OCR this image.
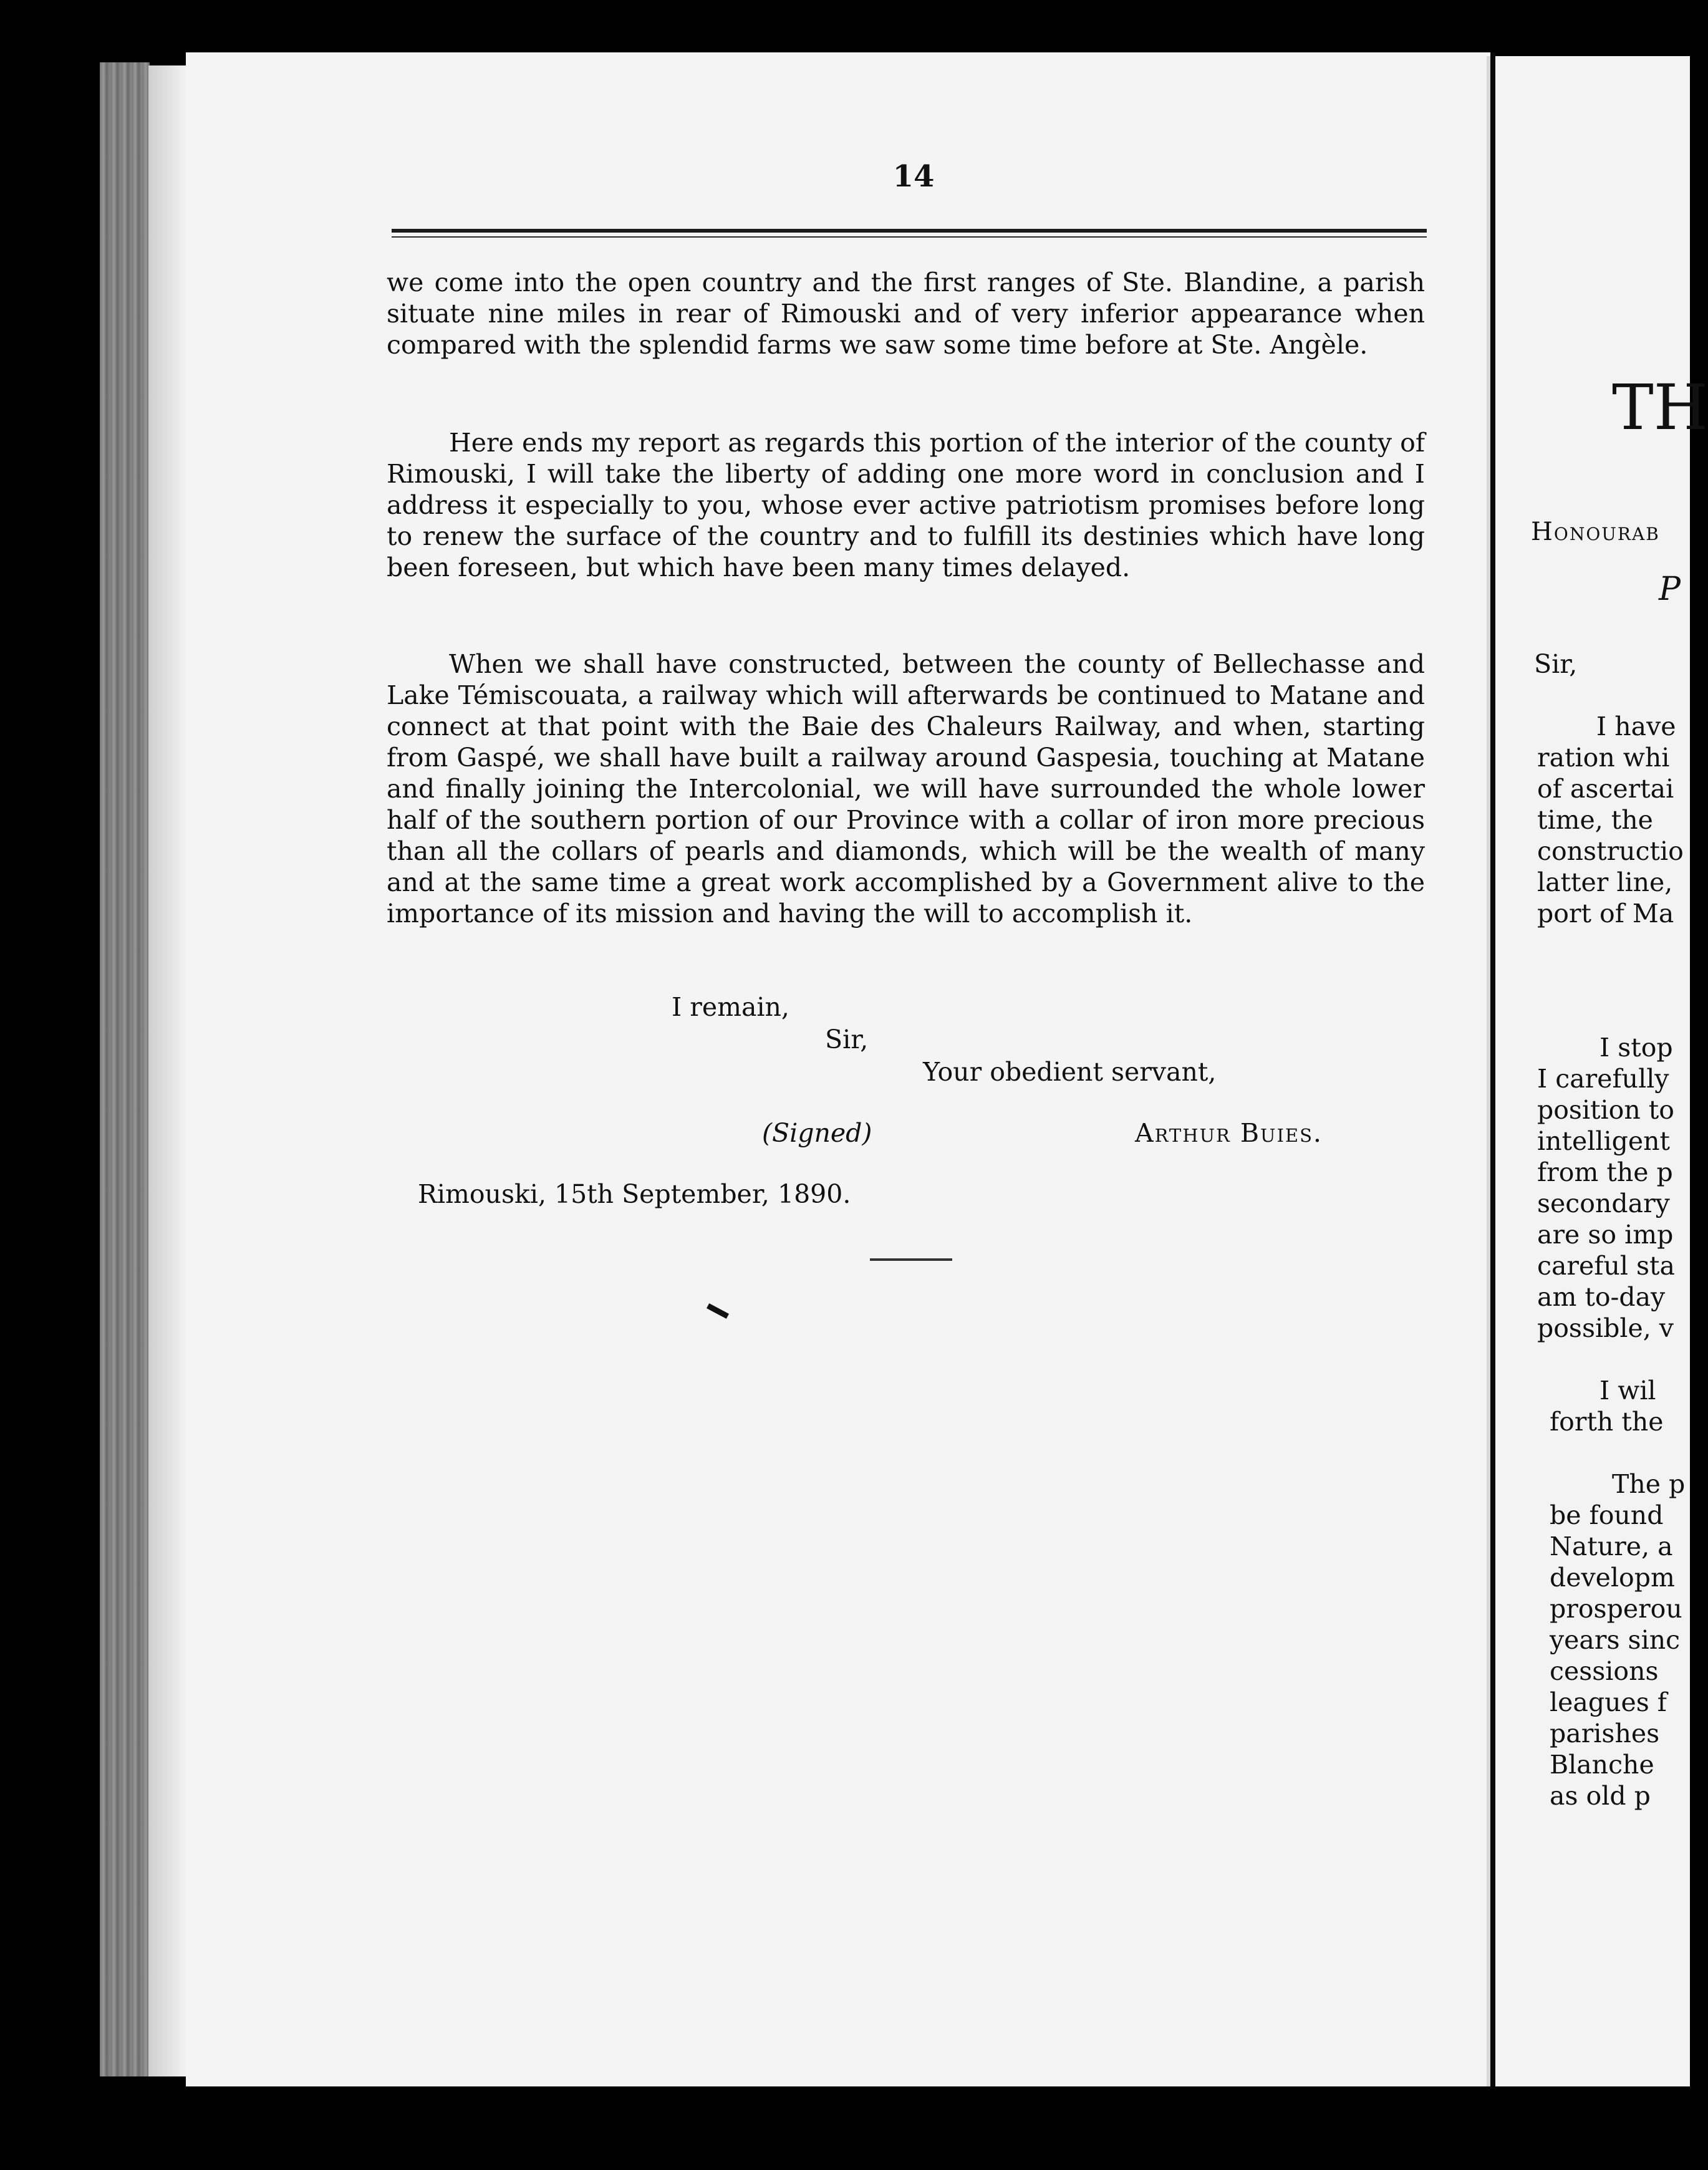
14

we come into the open country and the first ranges of Ste. Blandine, a parish situate nine miles in rear of Rimouski and of very inferior appearance when compared with the splendid farms we saw some time before at Ste. Angèle.

Here ends my report as regards this portion of the interior of the county of Rimouski, I will take the liberty of adding one more word in conclusion and I address it especially to you, whose ever active patriotism promises before long to renew the surface of the country and to fulfill its destinies which have long been foreseen, but which have been many times delayed.

When we shall have constructed, between the county of Bellechasse and Lake Témiscouata, a railway which will afterwards be continued to Matane and connect at that point with the Baie des Chaleurs Railway, and when, starting from Gaspé, we shall have built a railway around Gaspesia, touching at Matane and finally joining the Intercolonial, we will have surrounded the whole lower half of the southern portion of our Province with a collar of iron more precious than all the collars of pearls and diamonds, which will be the wealth of many and at the same time a great work accomplished by a Government alive to the importance of its mission and having the will to accomplish it.

I remain,
Sir,
Your obedient servant,
(Signed)	Arthur Buies.
Rimouski, 15th September, 1890.
TH
Honourab
P
Sir,
I have
ration whi
of ascertai
time, the
constructio
latter line,
port of Ma
I stop
I carefully
position to
intelligent
from the p
secondary
are so imp
careful sta
am to-day
possible, v
I wil
forth the
The p
be found
Nature, a
developm
prosperou
years sinc
cessions
leagues f
parishes
Blanche
as old p
